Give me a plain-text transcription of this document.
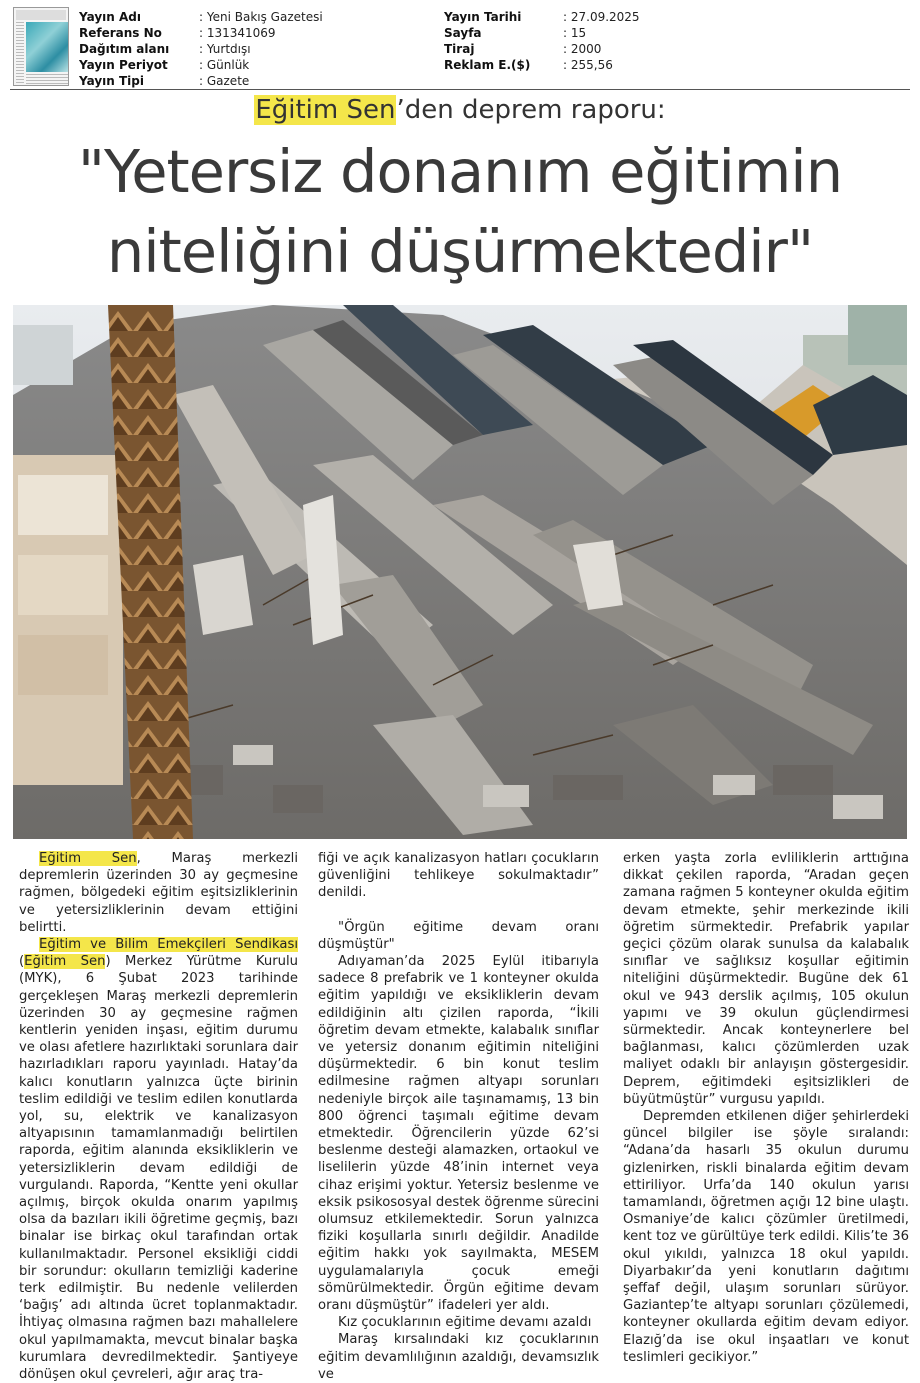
Yayın Adı	: Yeni Bakış Gazetesi
Referans No	: 131341069
Dağıtım alanı	: Yurtdışı
Yayın Periyot	: Günlük
Yayın Tipi	: Gazete
Yayın Tarihi	: 27.09.2025
Sayfa	: 15
Tiraj	: 2000
Reklam E.($)	: 255,56
Eğitim Sen’den deprem raporu:
"Yetersiz donanım eğitimin
niteliğini düşürmektedir"

Eğitim Sen, Maraş merkezli depremlerin üzerinden 30 ay geçmesine rağmen, bölgedeki eğitim eşitsizliklerinin ve yetersizliklerinin devam ettiğini belirtti.

Eğitim ve Bilim Emekçileri Sendikası (Eğitim Sen) Merkez Yürütme Kurulu (MYK), 6 Şubat 2023 tarihinde gerçekleşen Maraş merkezli depremlerin üzerinden 30 ay geçmesine rağmen kentlerin yeniden inşası, eğitim durumu ve olası afetlere hazırlıktaki sorunlara dair hazırladıkları raporu yayınladı. Hatay’da kalıcı konutların yalnızca üçte birinin teslim edildiği ve teslim edilen konutlarda yol, su, elektrik ve kanalizasyon altyapısının tamamlanmadığı belirtilen raporda, eğitim alanında eksikliklerin ve yetersizliklerin devam edildiği de vurgulandı. Raporda, “Kentte yeni okullar açılmış, birçok okulda onarım yapılmış olsa da bazıları ikili öğretime geçmiş, bazı binalar ise birkaç okul tarafından ortak kullanılmaktadır. Personel eksikliği ciddi bir sorundur: okulların temizliği kaderine terk edilmiştir. Bu nedenle velilerden ‘bağış’ adı altında ücret toplanmaktadır. İhtiyaç olmasına rağmen bazı mahallelere okul yapılmamakta, mevcut binalar başka kurumlara devredilmektedir. Şantiyeye dönüşen okul çevreleri, ağır araç tra-

fiği ve açık kanalizasyon hatları çocukların güvenliğini tehlikeye sokulmaktadır” denildi.

"Örgün eğitime devam oranı düşmüştür"

Adıyaman’da 2025 Eylül itibarıyla sadece 8 prefabrik ve 1 konteyner okulda eğitim yapıldığı ve eksikliklerin devam edildiğinin altı çizilen raporda, “İkili öğretim devam etmekte, kalabalık sınıflar ve yetersiz donanım eğitimin niteliğini düşürmektedir. 6 bin konut teslim edilmesine rağmen altyapı sorunları nedeniyle birçok aile taşınamamış, 13 bin 800 öğrenci taşımalı eğitime devam etmektedir. Öğrencilerin yüzde 62’si beslenme desteği alamazken, ortaokul ve liselilerin yüzde 48’inin internet veya cihaz erişimi yoktur. Yetersiz beslenme ve eksik psikososyal destek öğrenme sürecini olumsuz etkilemektedir. Sorun yalnızca fiziki koşullarla sınırlı değildir. Anadilde eğitim hakkı yok sayılmakta, MESEM uygulamalarıyla çocuk emeği sömürülmektedir. Örgün eğitime devam oranı düşmüştür” ifadeleri yer aldı.

Kız çocuklarının eğitime devamı azaldı

Maraş kırsalındaki kız çocuklarının eğitim devamlılığının azaldığı, devamsızlık ve

erken yaşta zorla evliliklerin arttığına dikkat çekilen raporda, “Aradan geçen zamana rağmen 5 konteyner okulda eğitim devam etmekte, şehir merkezinde ikili öğretim sürmektedir. Prefabrik yapılar geçici çözüm olarak sunulsa da kalabalık sınıflar ve sağlıksız koşullar eğitimin niteliğini düşürmektedir. Bugüne dek 61 okul ve 943 derslik açılmış, 105 okulun yapımı ve 39 okulun güçlendirmesi sürmektedir. Ancak konteynerlere bel bağlanması, kalıcı çözümlerden uzak maliyet odaklı bir anlayışın göstergesidir. Deprem, eğitimdeki eşitsizlikleri de büyütmüştür” vurgusu yapıldı.

Depremden etkilenen diğer şehirlerdeki güncel bilgiler ise şöyle sıralandı: “Adana’da hasarlı 35 okulun durumu gizlenirken, riskli binalarda eğitim devam ettiriliyor. Urfa’da 140 okulun yarısı tamamlandı, öğretmen açığı 12 bine ulaştı. Osmaniye’de kalıcı çözümler üretilmedi, kent toz ve gürültüye terk edildi. Kilis’te 36 okul yıkıldı, yalnızca 18 okul yapıldı. Diyarbakır’da yeni konutların dağıtımı şeffaf değil, ulaşım sorunları sürüyor. Gaziantep’te altyapı sorunları çözülemedi, konteyner okullarda eğitim devam ediyor. Elazığ’da ise okul inşaatları ve konut teslimleri gecikiyor.”
